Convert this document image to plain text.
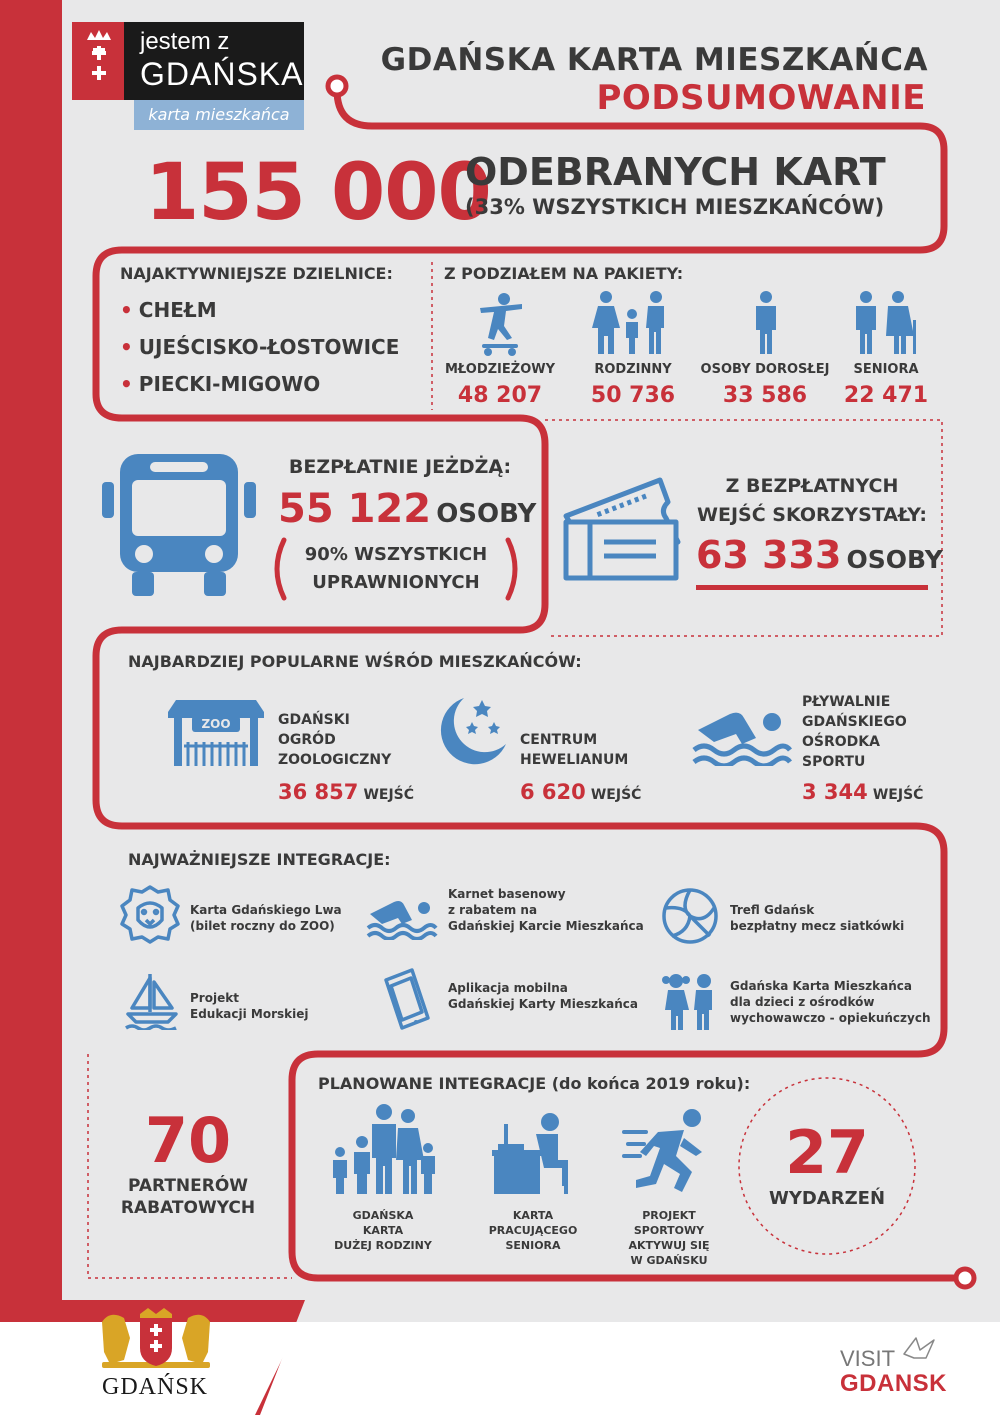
jestem z
GDAŃSKA
karta mieszkańca
GDAŃSKA KARTA MIESZKAŃCA
PODSUMOWANIE
155 000
ODEBRANYCH KART
(33% WSZYSTKICH MIESZKAŃCÓW)
NAJAKTYWNIEJSZE DZIELNICE:
• CHEŁM
• UJEŚCISKO-ŁOSTOWICE
• PIECKI-MIGOWO
Z PODZIAŁEM NA PAKIETY:
MŁODZIEŻOWY
48 207
RODZINNY
50 736
OSOBY DOROSŁEJ
33 586
SENIORA
22 471
BEZPŁATNIE JEŻDŻĄ:
55 122 OSOBY
90% WSZYSTKICH
UPRAWNIONYCH
Z BEZPŁATNYCH
WEJŚĆ SKORZYSTAŁY:
63 333 OSOBY
NAJBARDZIEJ POPULARNE WŚRÓD MIESZKAŃCÓW:
ZOO	GDAŃSKI
OGRÓD
ZOOLOGICZNY
36 857 WEJŚĆ
CENTRUM
HEWELIANUM
6 620 WEJŚĆ
PŁYWALNIE
GDAŃSKIEGO
OŚRODKA
SPORTU
3 344 WEJŚĆ
NAJWAŻNIEJSZE INTEGRACJE:
Karta Gdańskiego Lwa
(bilet roczny do ZOO)
Karnet basenowy
z rabatem na
Gdańskiej Karcie Mieszkańca
Trefl Gdańsk
bezpłatny mecz siatkówki
Projekt
Edukacji Morskiej
Aplikacja mobilna
Gdańskiej Karty Mieszkańca
Gdańska Karta Mieszkańca
dla dzieci z ośrodków
wychowawczo - opiekuńczych
70
PARTNERÓW
RABATOWYCH
PLANOWANE INTEGRACJE (do końca 2019 roku):
GDAŃSKA
KARTA
DUŻEJ RODZINY
KARTA
PRACUJĄCEGO
SENIORA
PROJEKT
SPORTOWY
AKTYWUJ SIĘ
W GDAŃSKU
27
WYDARZEŃ
GDAŃSK
VISIT
GDANSK
